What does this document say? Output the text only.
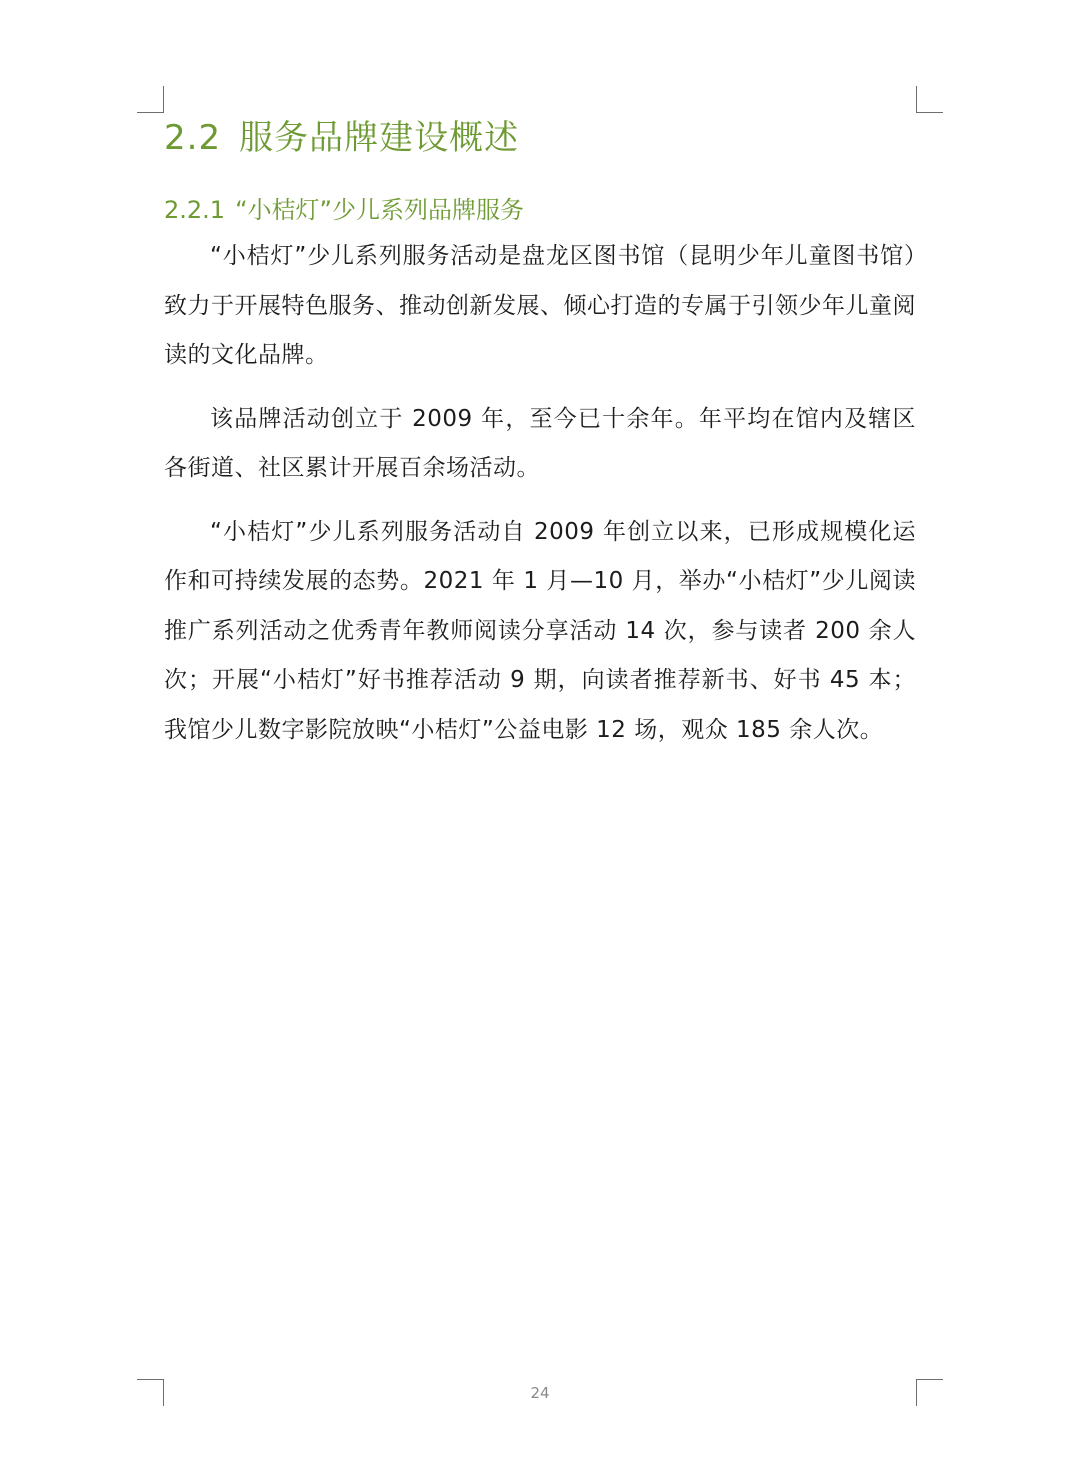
2.2 服务品牌建设概述
2.2.1 “小桔灯”少儿系列品牌服务

“小桔灯”少儿系列服务活动是盘龙区图书馆（昆明少年儿童图书馆）致力于开展特色服务、推动创新发展、倾心打造的专属于引领少年儿童阅读的文化品牌。

该品牌活动创立于 2009 年，至今已十余年。年平均在馆内及辖区各街道、社区累计开展百余场活动。

“小桔灯”少儿系列服务活动自 2009 年创立以来，已形成规模化运作和可持续发展的态势。2021 年 1 月—10 月，举办“小桔灯”少儿阅读推广系列活动之优秀青年教师阅读分享活动 14 次，参与读者 200 余人次；开展“小桔灯”好书推荐活动 9 期，向读者推荐新书、好书 45 本；我馆少儿数字影院放映“小桔灯”公益电影 12 场，观众 185 余人次。

24
